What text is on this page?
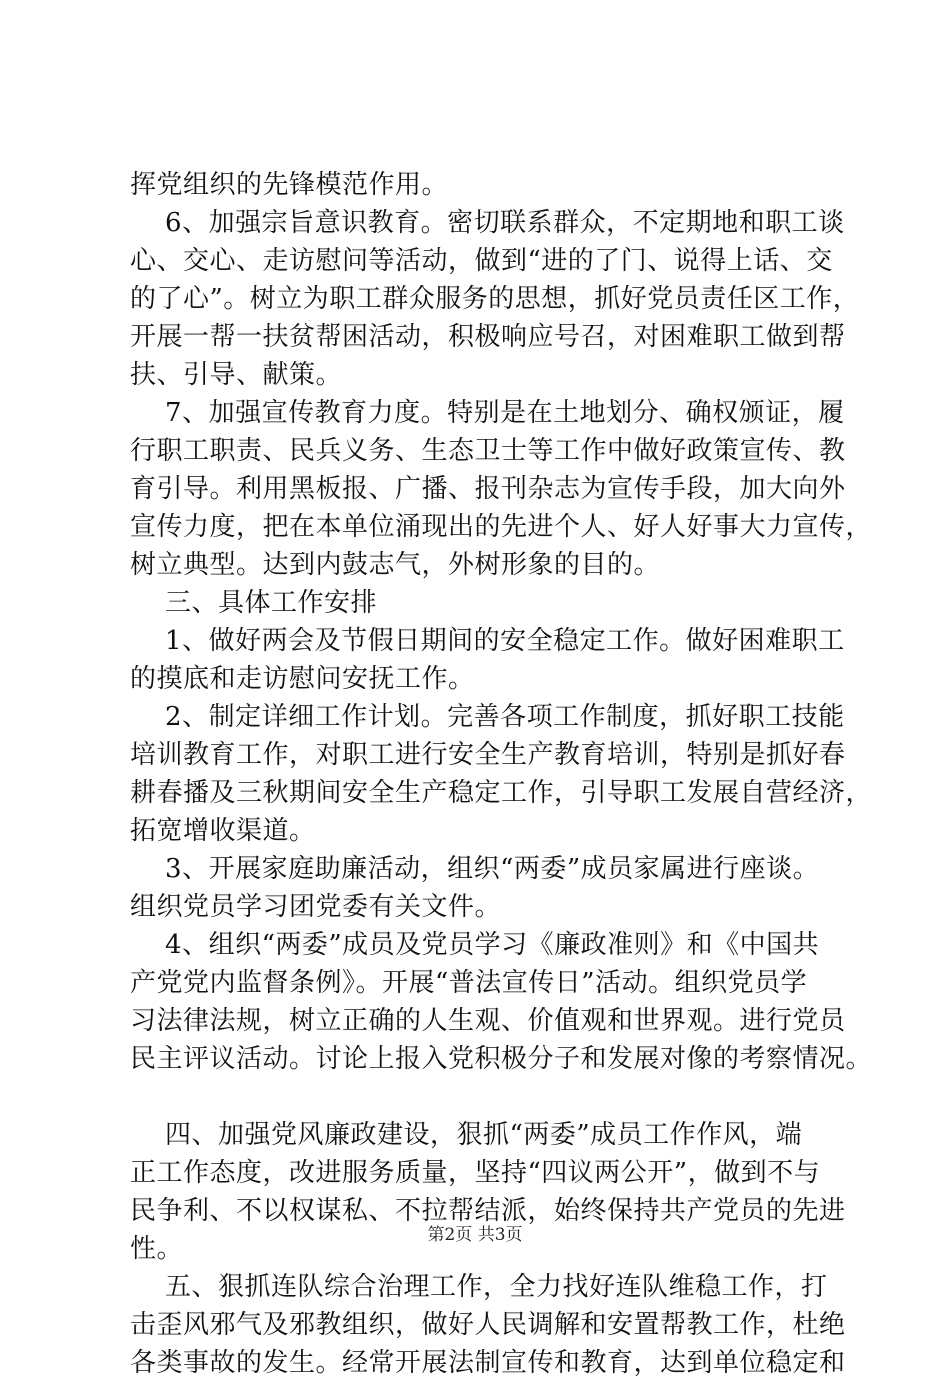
挥党组织的先锋模范作用。
6、加强宗旨意识教育。密切联系群众，不定期地和职工谈
心、交心、走访慰问等活动，做到“进的了门、说得上话、交
的了心”。树立为职工群众服务的思想，抓好党员责任区工作，
开展一帮一扶贫帮困活动，积极响应号召，对困难职工做到帮
扶、引导、献策。
7、加强宣传教育力度。特别是在土地划分、确权颁证，履
行职工职责、民兵义务、生态卫士等工作中做好政策宣传、教
育引导。利用黑板报、广播、报刊杂志为宣传手段，加大向外
宣传力度，把在本单位涌现出的先进个人、好人好事大力宣传，
树立典型。达到内鼓志气，外树形象的目的。
三、具体工作安排
1、做好两会及节假日期间的安全稳定工作。做好困难职工
的摸底和走访慰问安抚工作。
2、制定详细工作计划。完善各项工作制度，抓好职工技能
培训教育工作，对职工进行安全生产教育培训，特别是抓好春
耕春播及三秋期间安全生产稳定工作，引导职工发展自营经济，
拓宽增收渠道。
3、开展家庭助廉活动，组织“两委”成员家属进行座谈。
组织党员学习团党委有关文件。
4、组织“两委”成员及党员学习《廉政准则》和《中国共
产党党内监督条例》。开展“普法宣传日”活动。组织党员学
习法律法规，树立正确的人生观、价值观和世界观。进行党员
民主评议活动。讨论上报入党积极分子和发展对像的考察情况。
四、加强党风廉政建设，狠抓“两委”成员工作作风，端
正工作态度，改进服务质量，坚持“四议两公开”，做到不与
民争利、不以权谋私、不拉帮结派，始终保持共产党员的先进
性。
五、狠抓连队综合治理工作，全力找好连队维稳工作，打
击歪风邪气及邪教组织，做好人民调解和安置帮教工作，杜绝
各类事故的发生。经常开展法制宣传和教育，达到单位稳定和
第2页 共3页
